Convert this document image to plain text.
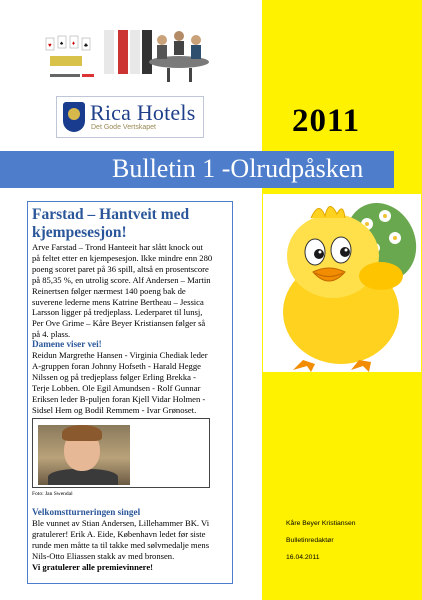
♥ ♠ ♦ ♣
Rica Hotels
Det Gode Vertskapet	2011
Bulletin 1 -Olrudpåsken
Farstad – Hantveit med kjempesesjon!
Arve Farstad – Trond Hanteeit har slått knock out
på feltet etter en kjempesesjon. Ikke mindre enn 280
poeng scoret paret på 36 spill, altså en prosentscore
på 85,35 %, en utrolig score. Alf Andersen – Martin
Reinertsen følger nærmest 140 poeng bak de
suverene lederne mens Katrine Bertheau – Jessica
Larsson ligger på tredjeplass. Lederparet til lunsj,
Per Ove Grime – Kåre Beyer Kristiansen følger så
på 4. plass.
Damene viser vei!
Reidun Margrethe Hansen - Virginia Chediak leder
A-gruppen foran Johnny Hofseth - Harald Hegge
Nilssen og på tredjeplass følger Erling Brekka -
Terje Lobben. Ole Egil Amundsen - Rolf Gunnar
Eriksen leder B-puljen foran Kjell Vidar Holmen -
Sidsel Hem og Bodil Remmem - Ivar Grønoset.
Foto: Jan Swendal
Velkomstturneringen singel
Ble vunnet av Stian Andersen, Lillehammer BK. Vi
gratulerer! Erik A. Eide, København ledet før siste
runde men måtte ta til takke med sølvmedalje mens
Nils-Otto Eliassen stakk av med bronsen.
Vi gratulerer alle premievinnere!
Kåre Beyer Kristiansen
Bulletinredaktør
16.04.2011
